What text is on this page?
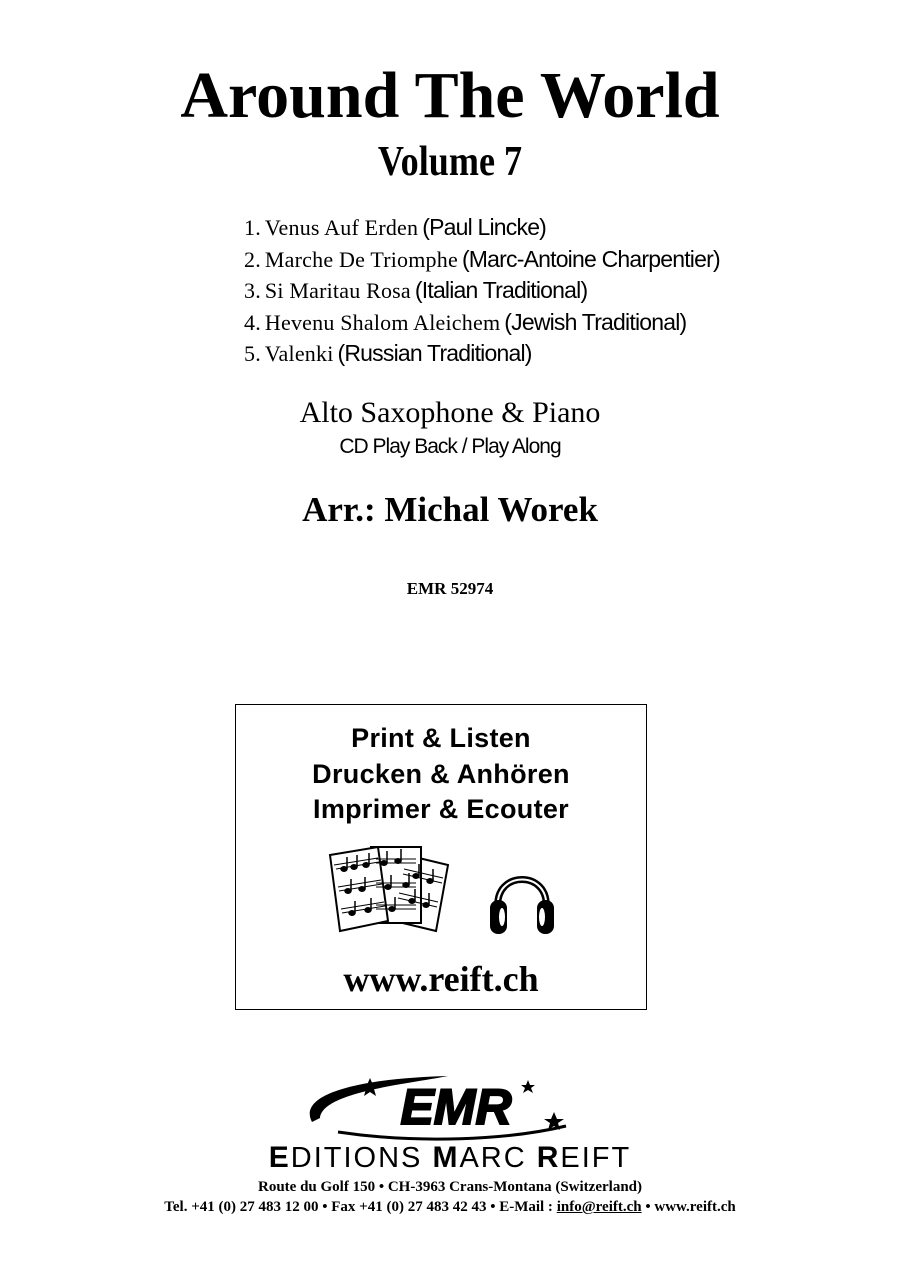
Around The World
Volume 7
1. Venus Auf Erden (Paul Lincke)
2. Marche De Triomphe (Marc-Antoine Charpentier)
3. Si Maritau Rosa (Italian Traditional)
4. Hevenu Shalom Aleichem (Jewish Traditional)
5. Valenki (Russian Traditional)
Alto Saxophone & Piano
CD Play Back / Play Along
Arr.: Michal Worek
EMR 52974
Print & Listen
Drucken & Anhören
Imprimer & Ecouter
www.reift.ch
EMR
EDITIONS MARC REIFT
Route du Golf 150 • CH-3963 Crans-Montana (Switzerland)
Tel. +41 (0) 27 483 12 00 • Fax +41 (0) 27 483 42 43 • E-Mail : info@reift.ch • www.reift.ch
